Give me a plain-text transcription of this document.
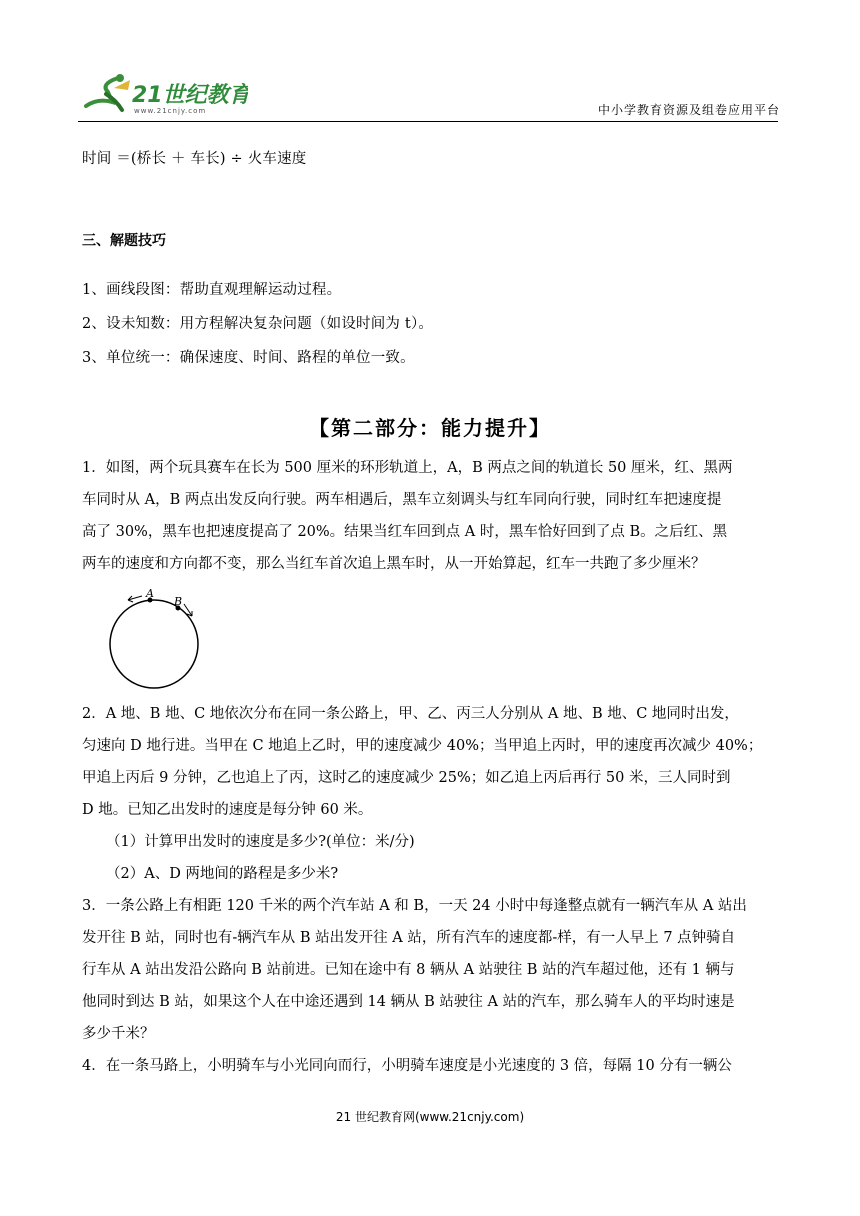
21世纪教育
www.21cnjy.com	中小学教育资源及组卷应用平台
时间 ＝(桥长 ＋ 车长) ÷ 火车速度
三、解题技巧
1、画线段图：帮助直观理解运动过程。
2、设未知数：用方程解决复杂问题（如设时间为 t）。
3、单位统一：确保速度、时间、路程的单位一致。
【第二部分：能力提升】
1．如图，两个玩具赛车在长为 500 厘米的环形轨道上，A，B 两点之间的轨道长 50 厘米，红、黑两
车同时从 A，B 两点出发反向行驶。两车相遇后，黑车立刻调头与红车同向行驶，同时红车把速度提
高了 30%，黑车也把速度提高了 20%。结果当红车回到点 A 时，黑车恰好回到了点 B。之后红、黑
两车的速度和方向都不变，那么当红车首次追上黑车时，从一开始算起，红车一共跑了多少厘米？
A
B
2．A 地、B 地、C 地依次分布在同一条公路上，甲、乙、丙三人分别从 A 地、B 地、C 地同时出发，
匀速向 D 地行进。当甲在 C 地追上乙时，甲的速度减少 40%；当甲追上丙时，甲的速度再次减少 40%；
甲追上丙后 9 分钟，乙也追上了丙，这时乙的速度减少 25%；如乙追上丙后再行 50 米，三人同时到
D 地。已知乙出发时的速度是每分钟 60 米。
（1）计算甲出发时的速度是多少?(单位：米/分)
（2）A、D 两地间的路程是多少米?
3．一条公路上有相距 120 千米的两个汽车站 A 和 B，一天 24 小时中每逢整点就有一辆汽车从 A 站出
发开往 B 站，同时也有-辆汽车从 B 站出发开往 A 站，所有汽车的速度都-样，有一人早上 7 点钟骑自
行车从 A 站出发沿公路向 B 站前进。已知在途中有 8 辆从 A 站驶往 B 站的汽车超过他，还有 1 辆与
他同时到达 B 站，如果这个人在中途还遇到 14 辆从 B 站驶往 A 站的汽车，那么骑车人的平均时速是
多少千米？
4．在一条马路上，小明骑车与小光同向而行，小明骑车速度是小光速度的 3 倍，每隔 10 分有一辆公
21 世纪教育网(www.21cnjy.com)
